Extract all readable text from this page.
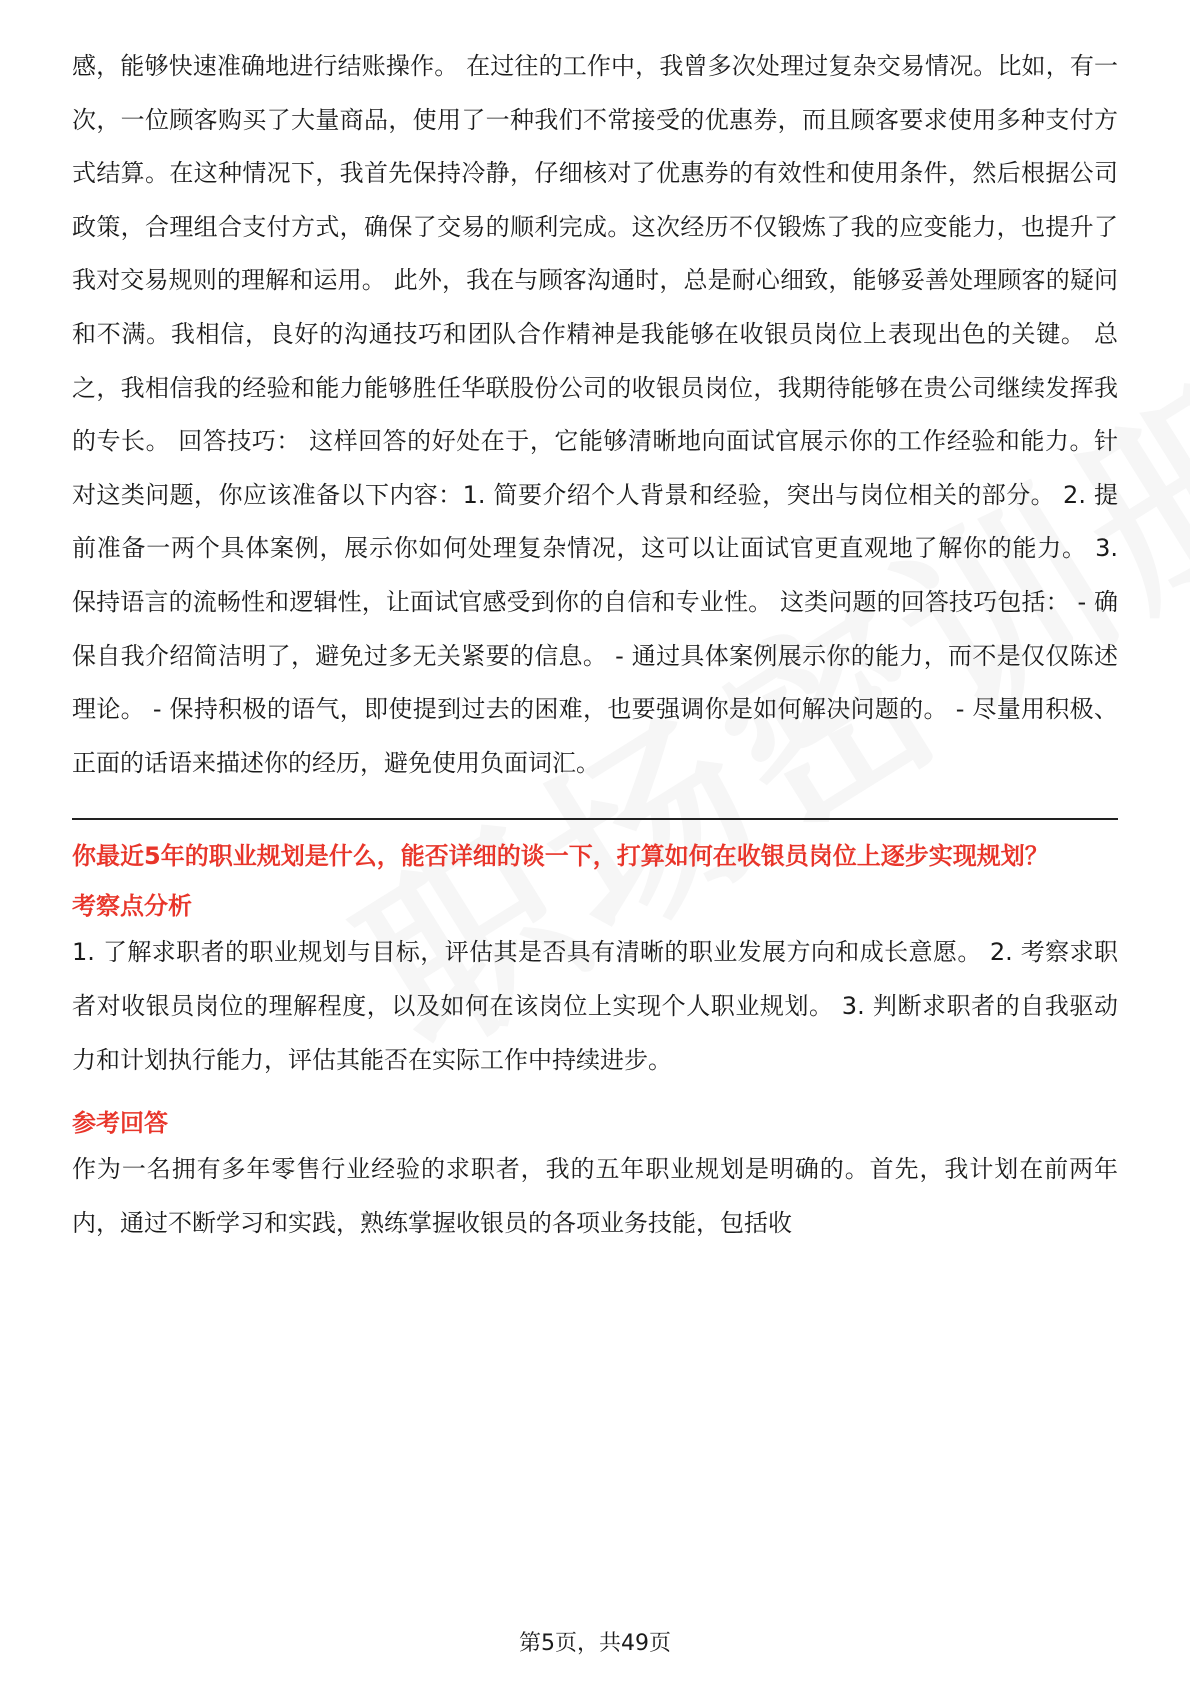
感，能够快速准确地进行结账操作。 在过往的工作中，我曾多次处理过复杂交易情况。比如，有一次，一位顾客购买了大量商品，使用了一种我们不常接受的优惠券，而且顾客要求使用多种支付方式结算。在这种情况下，我首先保持冷静，仔细核对了优惠券的有效性和使用条件，然后根据公司政策，合理组合支付方式，确保了交易的顺利完成。这次经历不仅锻炼了我的应变能力，也提升了我对交易规则的理解和运用。 此外，我在与顾客沟通时，总是耐心细致，能够妥善处理顾客的疑问和不满。我相信，良好的沟通技巧和团队合作精神是我能够在收银员岗位上表现出色的关键。 总之，我相信我的经验和能力能够胜任华联股份公司的收银员岗位，我期待能够在贵公司继续发挥我的专长。 回答技巧： 这样回答的好处在于，它能够清晰地向面试官展示你的工作经验和能力。针对这类问题，你应该准备以下内容：1. 简要介绍个人背景和经验，突出与岗位相关的部分。 2. 提前准备一两个具体案例，展示你如何处理复杂情况，这可以让面试官更直观地了解你的能力。 3. 保持语言的流畅性和逻辑性，让面试官感受到你的自信和专业性。 这类问题的回答技巧包括： - 确保自我介绍简洁明了，避免过多无关紧要的信息。 - 通过具体案例展示你的能力，而不是仅仅陈述理论。 - 保持积极的语气，即使提到过去的困难，也要强调你是如何解决问题的。 - 尽量用积极、正面的话语来描述你的经历，避免使用负面词汇。

你最近5年的职业规划是什么，能否详细的谈一下，打算如何在收银员岗位上逐步实现规划？

考察点分析

1. 了解求职者的职业规划与目标，评估其是否具有清晰的职业发展方向和成长意愿。 2. 考察求职者对收银员岗位的理解程度，以及如何在该岗位上实现个人职业规划。 3. 判断求职者的自我驱动力和计划执行能力，评估其能否在实际工作中持续进步。

参考回答

作为一名拥有多年零售行业经验的求职者，我的五年职业规划是明确的。首先，我计划在前两年内，通过不断学习和实践，熟练掌握收银员的各项业务技能，包括收

第5页，共49页
